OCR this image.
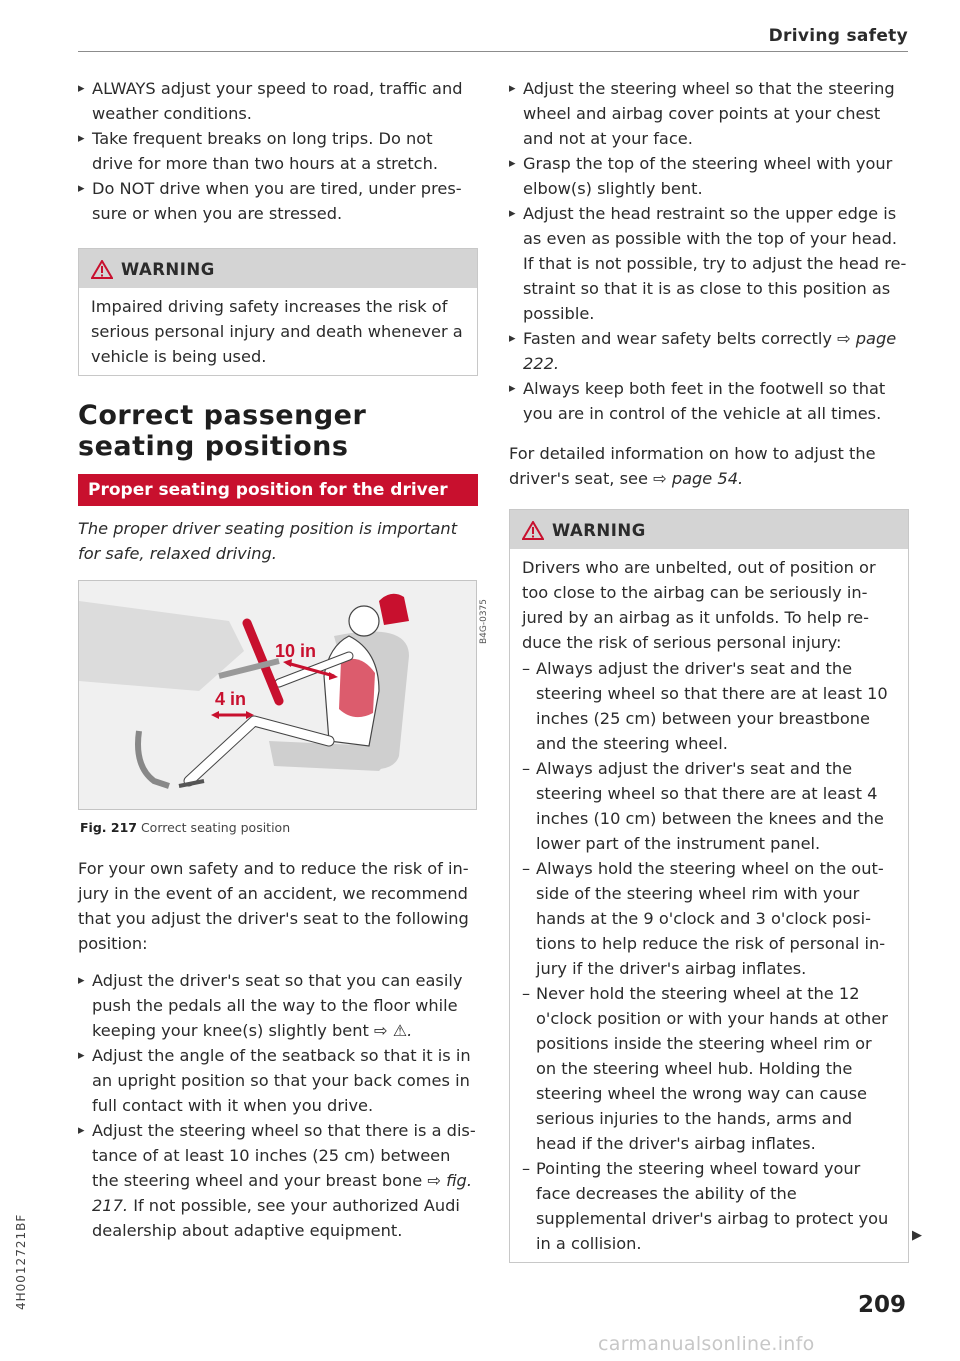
Driving safety
▸ ALWAYS adjust your speed to road, traffic and weather conditions.
▸ Take frequent breaks on long trips. Do not drive for more than two hours at a stretch.
▸ Do NOT drive when you are tired, under pressure or when you are stressed.
WARNING
Impaired driving safety increases the risk of serious personal injury and death whenever a vehicle is being used.
Correct passenger seating positions
Proper seating position for the driver
The proper driver seating position is important for safe, relaxed driving.
10 in
4 in
B4G-0375
Fig. 217 Correct seating position
For your own safety and to reduce the risk of injury in the event of an accident, we recommend that you adjust the driver's seat to the following position:
▸ Adjust the driver's seat so that you can easily push the pedals all the way to the floor while keeping your knee(s) slightly bent ⇨ ⚠.
▸ Adjust the angle of the seatback so that it is in an upright position so that your back comes in full contact with it when you drive.
▸ Adjust the steering wheel so that there is a distance of at least 10 inches (25 cm) between the steering wheel and your breast bone ⇨ fig. 217. If not possible, see your authorized Audi dealership about adaptive equipment.
▸ Adjust the steering wheel so that the steering wheel and airbag cover points at your chest and not at your face.
▸ Grasp the top of the steering wheel with your elbow(s) slightly bent.
▸ Adjust the head restraint so the upper edge is as even as possible with the top of your head. If that is not possible, try to adjust the head restraint so that it is as close to this position as possible.
▸ Fasten and wear safety belts correctly ⇨ page 222.
▸ Always keep both feet in the footwell so that you are in control of the vehicle at all times.
For detailed information on how to adjust the driver's seat, see ⇨ page 54.
WARNING
Drivers who are unbelted, out of position or too close to the airbag can be seriously injured by an airbag as it unfolds. To help reduce the risk of serious personal injury:
– Always adjust the driver's seat and the steering wheel so that there are at least 10 inches (25 cm) between your breastbone and the steering wheel.
– Always adjust the driver's seat and the steering wheel so that there are at least 4 inches (10 cm) between the knees and the lower part of the instrument panel.
– Always hold the steering wheel on the outside of the steering wheel rim with your hands at the 9 o'clock and 3 o'clock positions to help reduce the risk of personal injury if the driver's airbag inflates.
– Never hold the steering wheel at the 12 o'clock position or with your hands at other positions inside the steering wheel rim or on the steering wheel hub. Holding the steering wheel the wrong way can cause serious injuries to the hands, arms and head if the driver's airbag inflates.
– Pointing the steering wheel toward your face decreases the ability of the supplemental driver's airbag to protect you in a collision.	▶
4H0012721BF	209
carmanualsonline.info
